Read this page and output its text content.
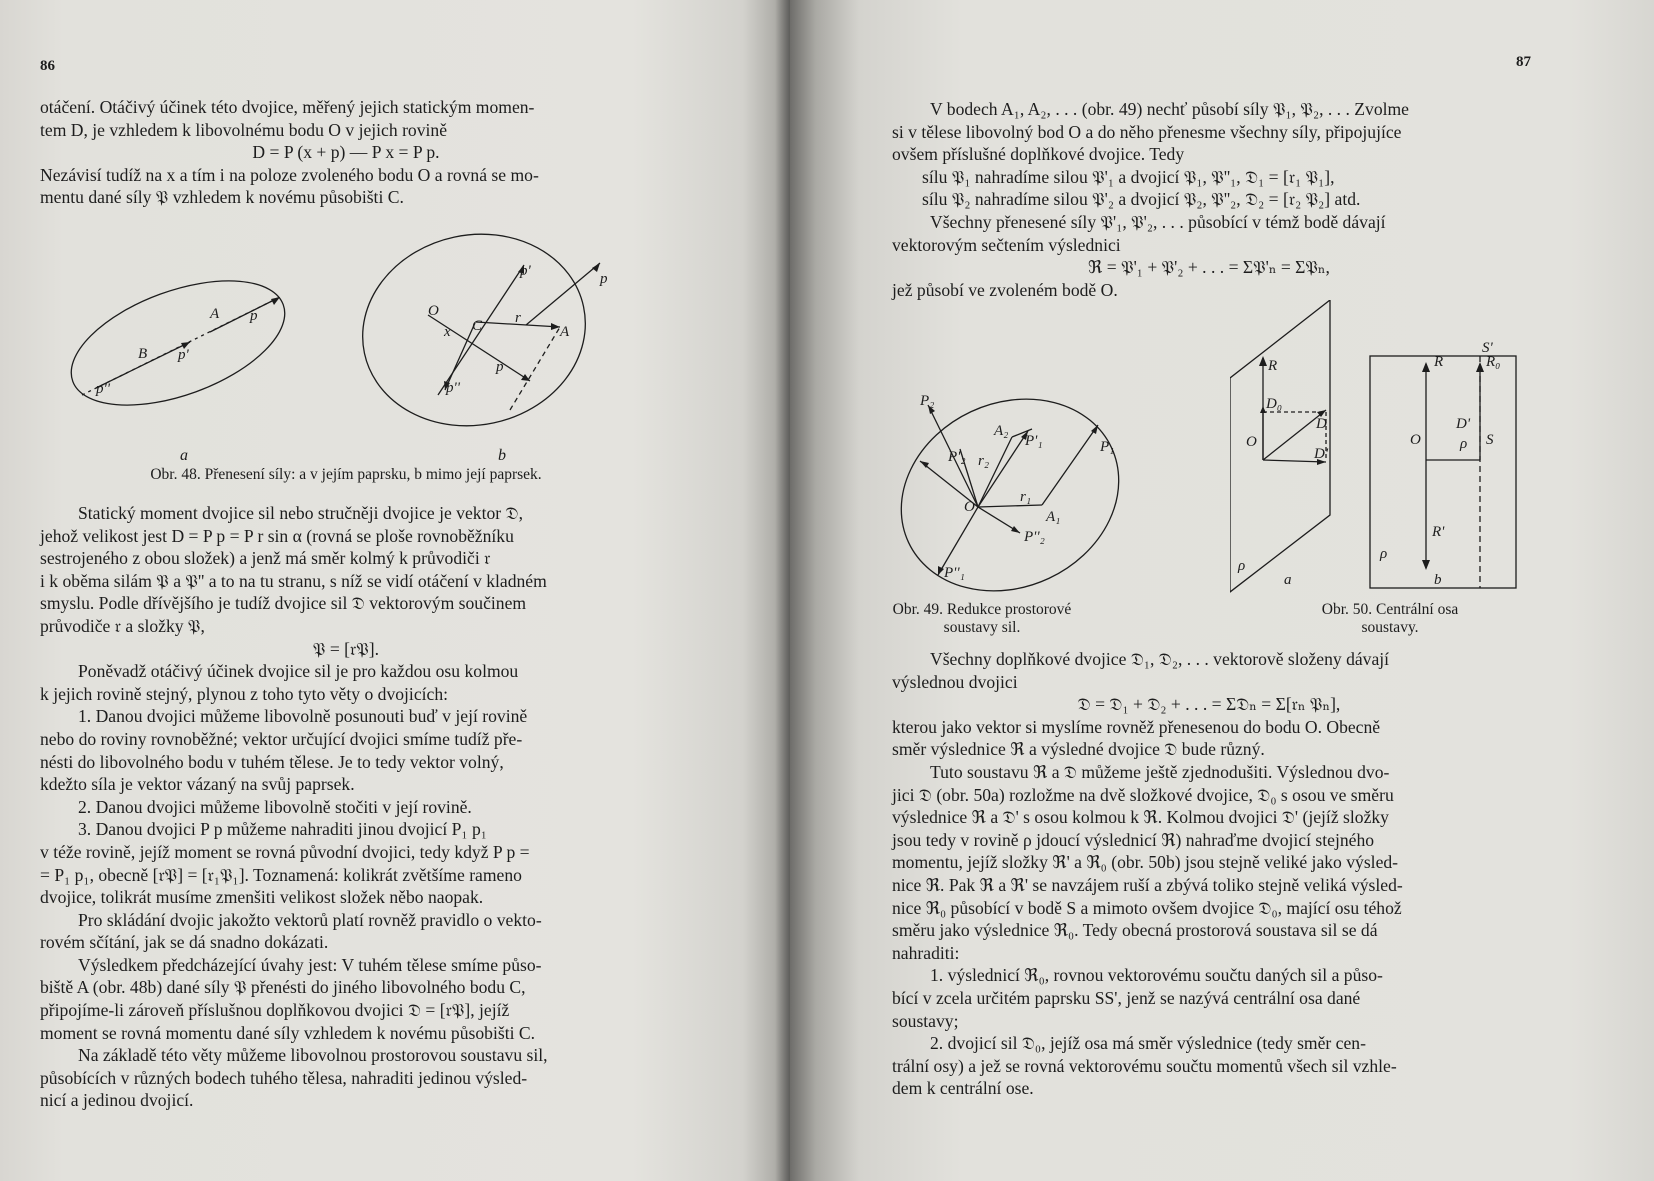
86

otáčení. Otáčivý účinek této dvojice, měřený jejich statickým momen-

tem D, je vzhledem k libovolnému bodu O v jejich rovině

D = P (x + p) — P x = P p.

Nezávisí tudíž na x a tím i na poloze zvoleného bodu O a rovná se mo-

mentu dané síly 𝔓 vzhledem k novému působišti C.

A p
B p'
p''
p'	p
O
C
x
r
A
p
p''
a	b
Obr. 48. Přenesení síly: a v jejím paprsku, b mimo její paprsek.

Statický moment dvojice sil nebo stručněji dvojice je vektor 𝔇,

jehož velikost jest D = P p = P r sin α (rovná se ploše rovnoběžníku

sestrojeného z obou složek) a jenž má směr kolmý k průvodiči 𝔯

i k oběma silám 𝔓 a 𝔓'' a to na tu stranu, s níž se vidí otáčení v kladném

smyslu. Podle dřívějšího je tudíž dvojice sil 𝔇 vektorovým součinem

průvodiče 𝔯 a složky 𝔓,

𝔓 = [𝔯𝔓].

Poněvadž otáčivý účinek dvojice sil je pro každou osu kolmou

k jejich rovině stejný, plynou z toho tyto věty o dvojicích:

1. Danou dvojici můžeme libovolně posunouti buď v její rovině

nebo do roviny rovnoběžné; vektor určující dvojici smíme tudíž pře-

nésti do libovolného bodu v tuhém tělese. Je to tedy vektor volný,

kdežto síla je vektor vázaný na svůj paprsek.

2. Danou dvojici můžeme libovolně stočiti v její rovině.

3. Danou dvojici P p můžeme nahraditi jinou dvojicí P₁ p₁

v téže rovině, jejíž moment se rovná původní dvojici, tedy když P p =

= P₁ p₁, obecně [𝔯𝔓] = [𝔯₁𝔓₁]. Toznamená: kolikrát zvětšíme rameno

dvojice, tolikrát musíme zmenšiti velikost složek něbo naopak.

Pro skládání dvojic jakožto vektorů platí rovněž pravidlo o vekto-

rovém sčítání, jak se dá snadno dokázati.

Výsledkem předcházející úvahy jest: V tuhém tělese smíme půso-

biště A (obr. 48b) dané síly 𝔓 přenésti do jiného libovolného bodu C,

připojíme-li zároveň příslušnou doplňkovou dvojici 𝔇 = [𝔯𝔓], jejíž

moment se rovná momentu dané síly vzhledem k novému působišti C.

Na základě této věty můžeme libovolnou prostorovou soustavu sil,

působících v různých bodech tuhého tělesa, nahraditi jedinou výsled-

nicí a jedinou dvojicí.

87

V bodech A₁, A₂, . . . (obr. 49) nechť působí síly 𝔓₁, 𝔓₂, . . . Zvolme

si v tělese libovolný bod O a do něho přenesme všechny síly, připojujíce

ovšem příslušné doplňkové dvojice. Tedy

sílu 𝔓₁ nahradíme silou 𝔓'₁ a dvojicí 𝔓₁, 𝔓''₁, 𝔇₁ = [𝔯₁ 𝔓₁],

sílu 𝔓₂ nahradíme silou 𝔓'₂ a dvojicí 𝔓₂, 𝔓''₂, 𝔇₂ = [𝔯₂ 𝔓₂] atd.

Všechny přenesené síly 𝔓'₁, 𝔓'₂, . . . působící v témž bodě dávají

vektorovým sečtením výslednici

ℜ = 𝔓'₁ + 𝔓'₂ + . . . = Σ𝔓'ₙ = Σ𝔓ₙ,

jež působí ve zvoleném bodě O.

P₂
A₂
P'₁
P'₂ r₂
P₁
O
r₁
A₁
P''₁
P''₂
Obr. 49. Redukce prostorové
soustavy sil.
R
D₀
D
O
D'
ρ
a
S'
R	R₀
D'
O	ρ S
R'
ρ
b
Obr. 50. Centrální osa
soustavy.

Všechny doplňkové dvojice 𝔇₁, 𝔇₂, . . . vektorově složeny dávají

výslednou dvojici

𝔇 = 𝔇₁ + 𝔇₂ + . . . = Σ𝔇ₙ = Σ[𝔯ₙ 𝔓ₙ],

kterou jako vektor si myslíme rovněž přenesenou do bodu O. Obecně

směr výslednice ℜ a výsledné dvojice 𝔇 bude různý.

Tuto soustavu ℜ a 𝔇 můžeme ještě zjednodušiti. Výslednou dvo-

jici 𝔇 (obr. 50a) rozložme na dvě složkové dvojice, 𝔇₀ s osou ve směru

výslednice ℜ a 𝔇' s osou kolmou k ℜ. Kolmou dvojici 𝔇' (jejíž složky

jsou tedy v rovině ρ jdoucí výslednicí ℜ) nahraďme dvojicí stejného

momentu, jejíž složky ℜ' a ℜ₀ (obr. 50b) jsou stejně veliké jako výsled-

nice ℜ. Pak ℜ a ℜ' se navzájem ruší a zbývá toliko stejně veliká výsled-

nice ℜ₀ působící v bodě S a mimoto ovšem dvojice 𝔇₀, mající osu téhož

směru jako výslednice ℜ₀. Tedy obecná prostorová soustava sil se dá

nahraditi:

1. výslednicí ℜ₀, rovnou vektorovému součtu daných sil a půso-

bící v zcela určitém paprsku SS', jenž se nazývá centrální osa dané

soustavy;

2. dvojicí sil 𝔇₀, jejíž osa má směr výslednice (tedy směr cen-

trální osy) a jež se rovná vektorovému součtu momentů všech sil vzhle-

dem k centrální ose.
